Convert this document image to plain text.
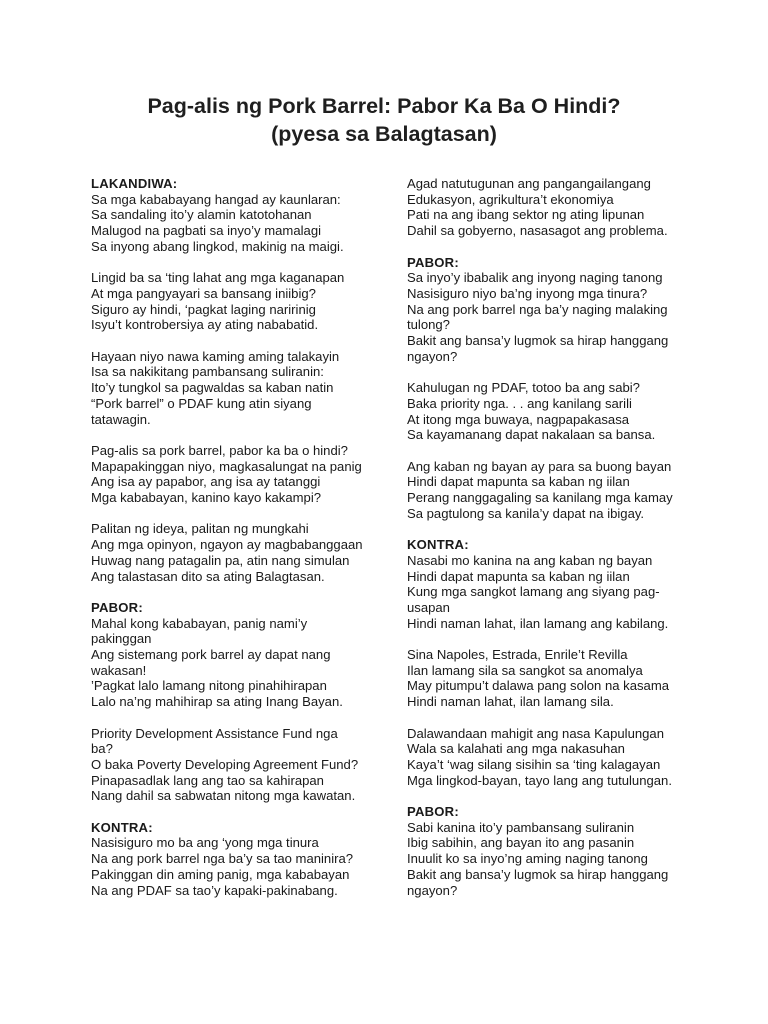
Pag-alis ng Pork Barrel: Pabor Ka Ba O Hindi?
(pyesa sa Balagtasan)
LAKANDIWA:
Sa mga kababayang hangad ay kaunlaran:
Sa sandaling ito’y alamin katotohanan
Malugod na pagbati sa inyo’y mamalagi
Sa inyong abang lingkod, makinig na maigi.
Lingid ba sa ‘ting lahat ang mga kaganapan
At mga pangyayari sa bansang iniibig?
Siguro ay hindi, ‘pagkat laging naririnig
Isyu’t kontrobersiya ay ating nababatid.
Hayaan niyo nawa kaming aming talakayin
Isa sa nakikitang pambansang suliranin:
Ito’y tungkol sa pagwaldas sa kaban natin
“Pork barrel” o PDAF kung atin siyang tatawagin.
Pag-alis sa pork barrel, pabor ka ba o hindi?
Mapapakinggan niyo, magkasalungat na panig
Ang isa ay papabor, ang isa ay tatanggi
Mga kababayan, kanino kayo kakampi?
Palitan ng ideya, palitan ng mungkahi
Ang mga opinyon, ngayon ay magbabanggaan
Huwag nang patagalin pa, atin nang simulan
Ang talastasan dito sa ating Balagtasan.
PABOR:
Mahal kong kababayan, panig nami’y pakinggan
Ang sistemang pork barrel ay dapat nang wakasan!
’Pagkat lalo lamang nitong pinahihirapan
Lalo na’ng mahihirap sa ating Inang Bayan.
Priority Development Assistance Fund nga ba?
O baka Poverty Developing Agreement Fund?
Pinapasadlak lang ang tao sa kahirapan
Nang dahil sa sabwatan nitong mga kawatan.
KONTRA:
Nasisiguro mo ba ang ‘yong mga tinura
Na ang pork barrel nga ba’y sa tao maninira?
Pakinggan din aming panig, mga kababayan
Na ang PDAF sa tao’y kapaki-pakinabang.
Agad natutugunan ang pangangailangang
Edukasyon, agrikultura’t ekonomiya
Pati na ang ibang sektor ng ating lipunan
Dahil sa gobyerno, nasasagot ang problema.
PABOR:
Sa inyo’y ibabalik ang inyong naging tanong
Nasisiguro niyo ba’ng inyong mga tinura?
Na ang pork barrel nga ba’y naging malaking tulong?
Bakit ang bansa’y lugmok sa hirap hanggang ngayon?
Kahulugan ng PDAF, totoo ba ang sabi?
Baka priority nga. . . ang kanilang sarili
At itong mga buwaya, nagpapakasasa
Sa kayamanang dapat nakalaan sa bansa.
Ang kaban ng bayan ay para sa buong bayan
Hindi dapat mapunta sa kaban ng iilan
Perang nanggagaling sa kanilang mga kamay
Sa pagtulong sa kanila’y dapat na ibigay.
KONTRA:
Nasabi mo kanina na ang kaban ng bayan
Hindi dapat mapunta sa kaban ng iilan
Kung mga sangkot lamang ang siyang pag-usapan
Hindi naman lahat, ilan lamang ang kabilang.
Sina Napoles, Estrada, Enrile’t Revilla
Ilan lamang sila sa sangkot sa anomalya
May pitumpu’t dalawa pang solon na kasama
Hindi naman lahat, ilan lamang sila.
Dalawandaan mahigit ang nasa Kapulungan
Wala sa kalahati ang mga nakasuhan
Kaya’t ‘wag silang sisihin sa ‘ting kalagayan
Mga lingkod-bayan, tayo lang ang tutulungan.
PABOR:
Sabi kanina ito’y pambansang suliranin
Ibig sabihin, ang bayan ito ang pasanin
Inuulit ko sa inyo’ng aming naging tanong
Bakit ang bansa’y lugmok sa hirap hanggang ngayon?
